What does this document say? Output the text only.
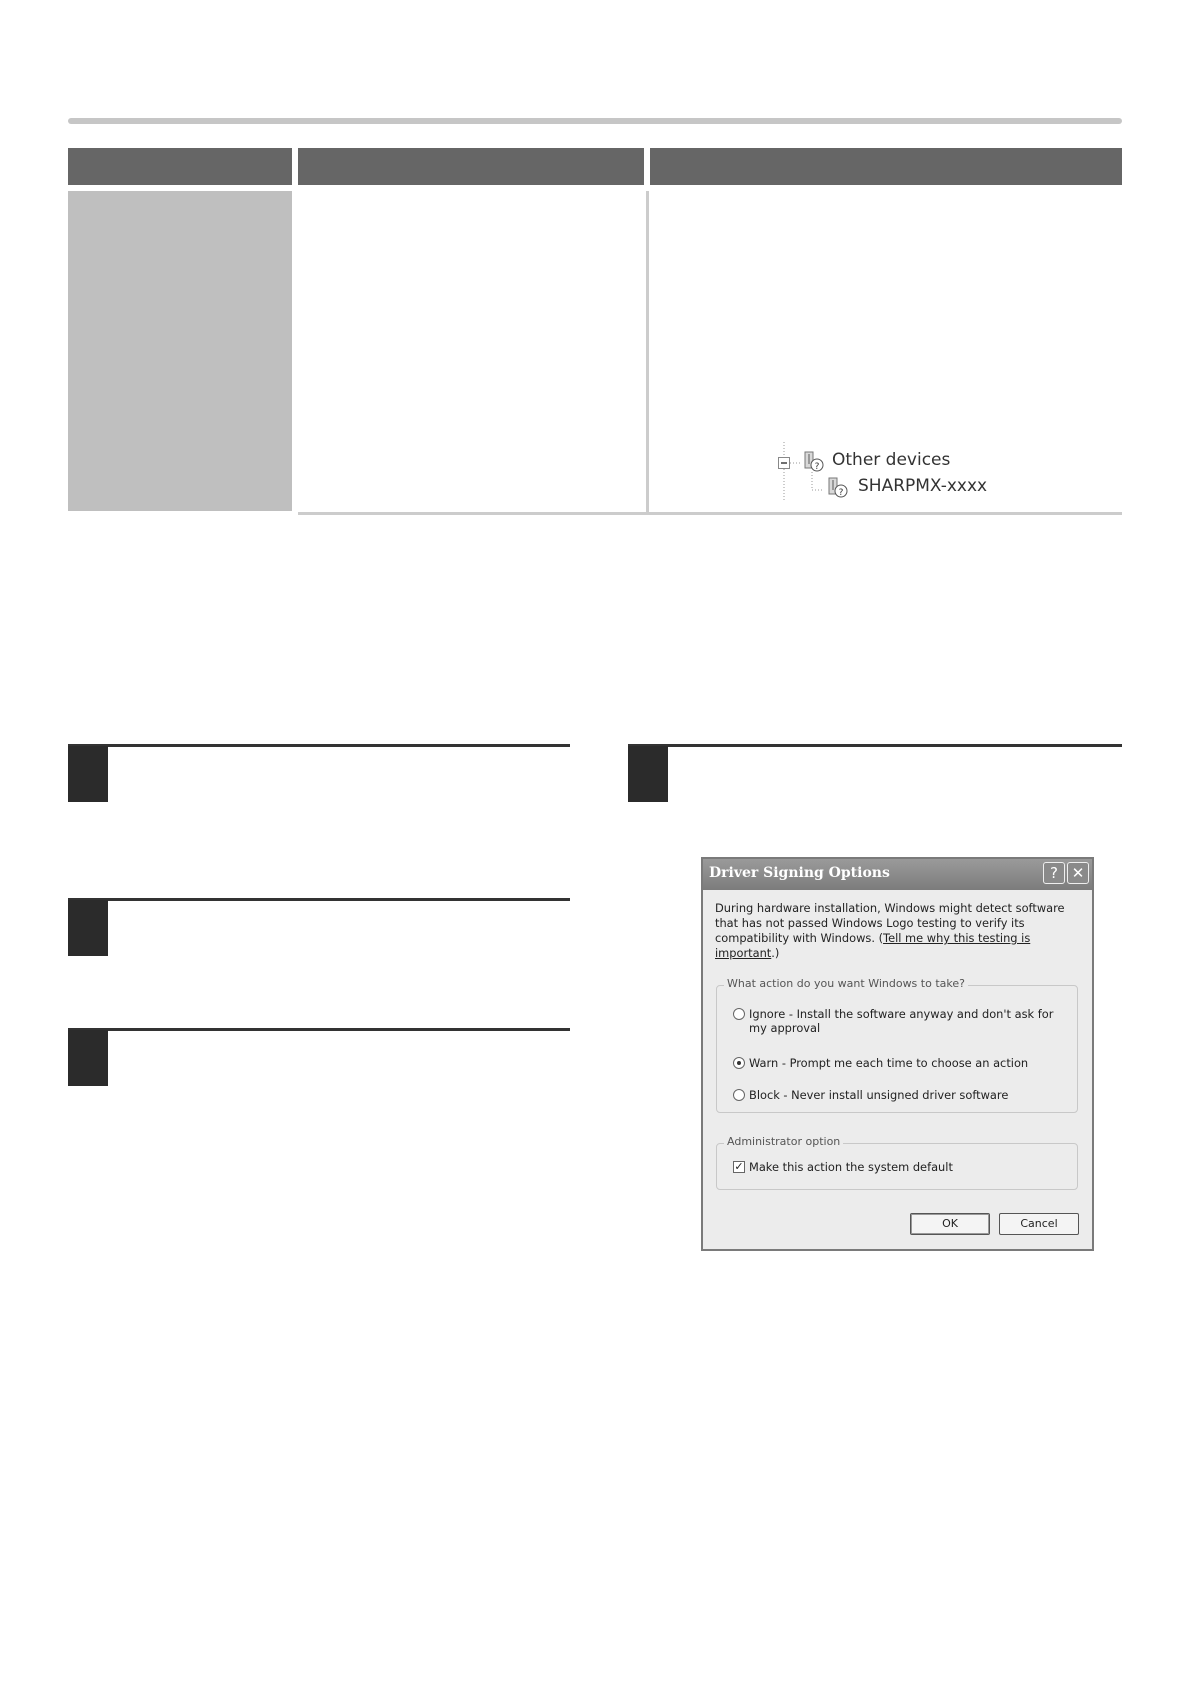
? Other devices
? SHARPMX-xxxx
Driver Signing Options	? ✕
During hardware installation, Windows might detect software that has not passed Windows Logo testing to verify its compatibility with Windows. (Tell me why this testing is important.)
What action do you want Windows to take?
Ignore - Install the software anyway and don't ask for my approval
Warn - Prompt me each time to choose an action
Block - Never install unsigned driver software
Administrator option
✓ Make this action the system default
OK	Cancel
